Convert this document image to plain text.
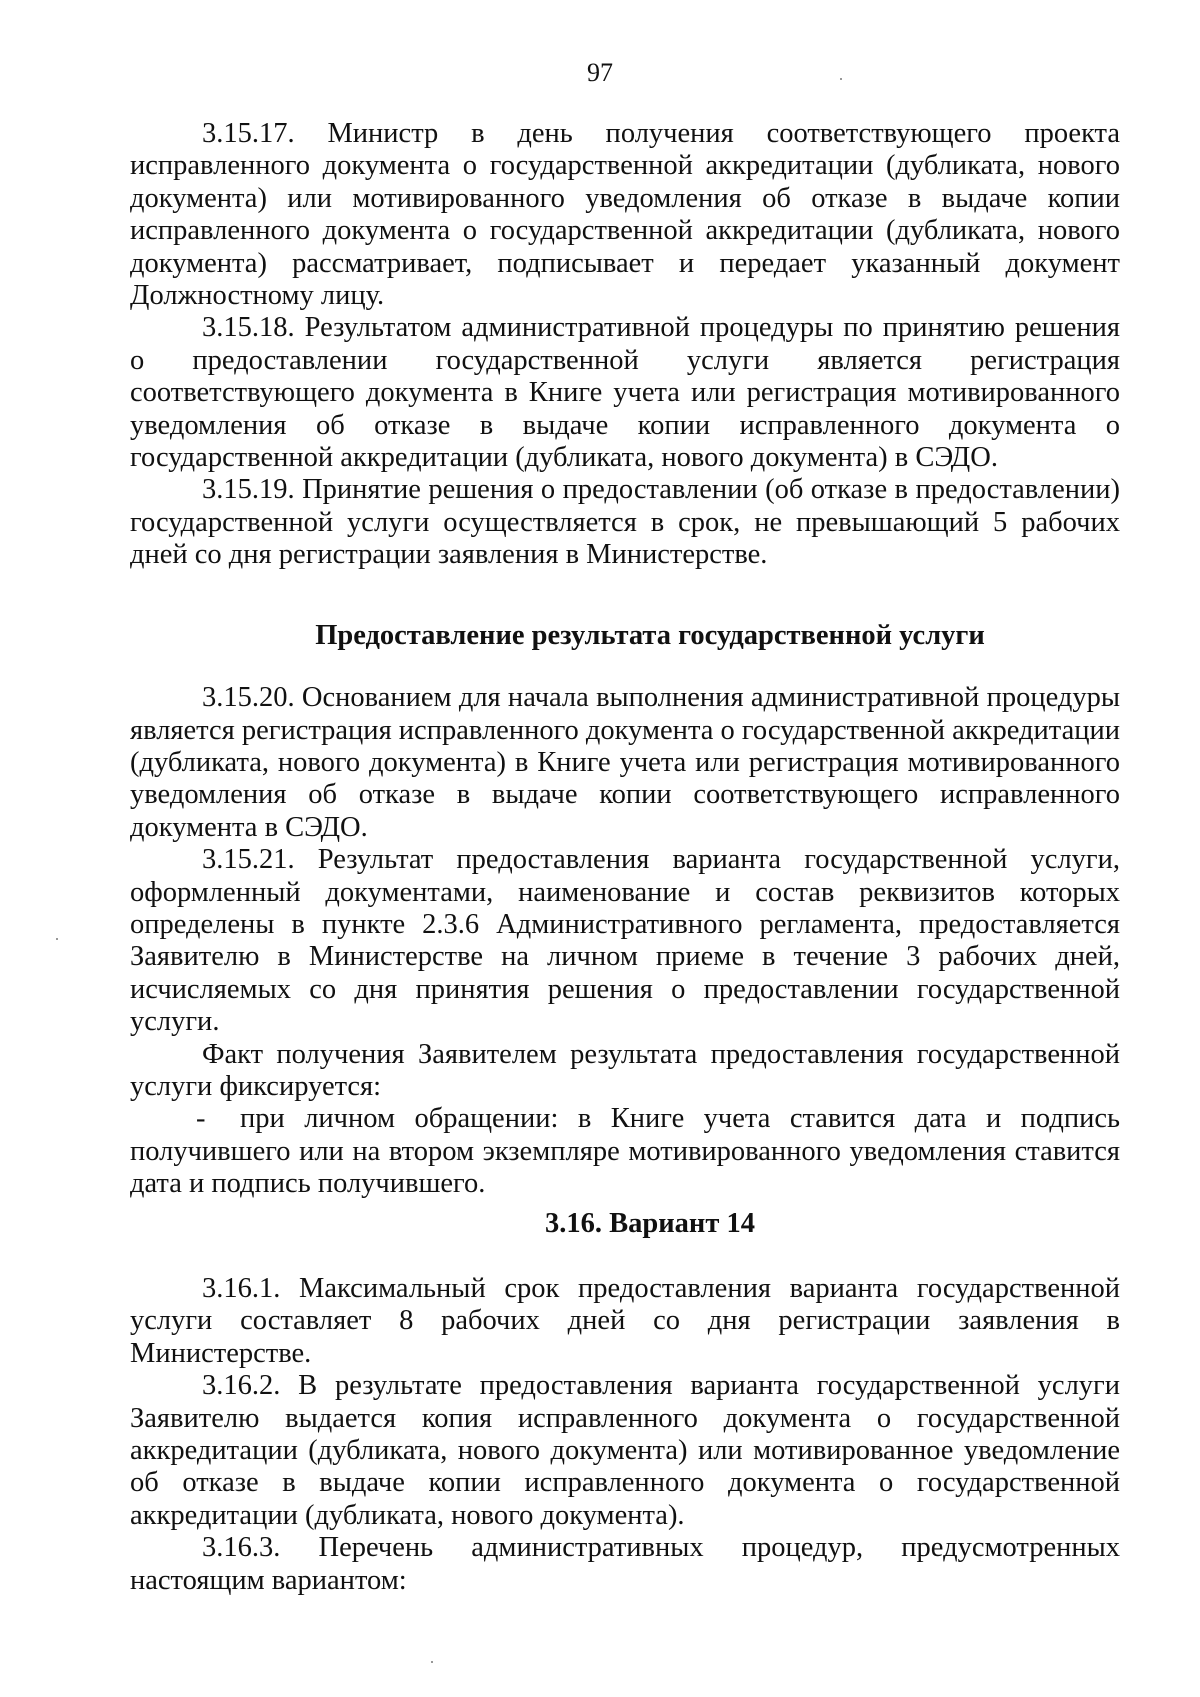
97

3.15.17. Министр в день получения соответствующего проекта исправленного документа о государственной аккредитации (дубликата, нового документа) или мотивированного уведомления об отказе в выдаче копии исправленного документа о государственной аккредитации (дубликата, нового документа) рассматривает, подписывает и передает указанный документ Должностному лицу.

3.15.18. Результатом административной процедуры по принятию решения о предоставлении государственной услуги является регистрация соответствующего документа в Книге учета или регистрация мотивированного уведомления об отказе в выдаче копии исправленного документа о государственной аккредитации (дубликата, нового документа) в СЭДО.

3.15.19. Принятие решения о предоставлении (об отказе в предоставлении) государственной услуги осуществляется в срок, не превышающий 5 рабочих дней со дня регистрации заявления в Министерстве.

Предоставление результата государственной услуги

3.15.20. Основанием для начала выполнения административной процедуры является регистрация исправленного документа о государственной аккредитации (дубликата, нового документа) в Книге учета или регистрация мотивированного уведомления об отказе в выдаче копии соответствующего исправленного документа в СЭДО.

3.15.21. Результат предоставления варианта государственной услуги, оформленный документами, наименование и состав реквизитов которых определены в пункте 2.3.6 Административного регламента, предоставляется Заявителю в Министерстве на личном приеме в течение 3 рабочих дней, исчисляемых со дня принятия решения о предоставлении государственной услуги.

Факт получения Заявителем результата предоставления государственной услуги фиксируется:

- при личном обращении: в Книге учета ставится дата и подпись получившего или на втором экземпляре мотивированного уведомления ставится дата и подпись получившего.

3.16. Вариант 14

3.16.1. Максимальный срок предоставления варианта государственной услуги составляет 8 рабочих дней со дня регистрации заявления в Министерстве.

3.16.2. В результате предоставления варианта государственной услуги Заявителю выдается копия исправленного документа о государственной аккредитации (дубликата, нового документа) или мотивированное уведомление об отказе в выдаче копии исправленного документа о государственной аккредитации (дубликата, нового документа).

3.16.3. Перечень административных процедур, предусмотренных настоящим вариантом:
